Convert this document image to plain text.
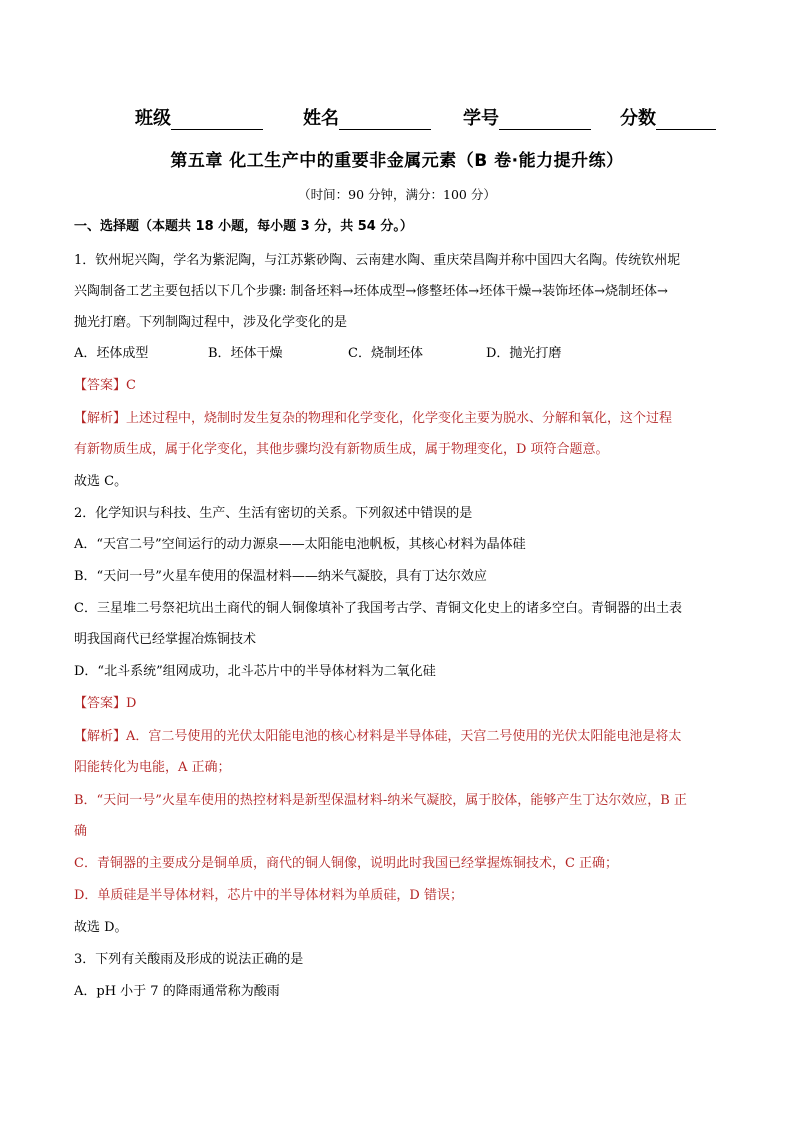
班级	姓名	学号	分数
第五章 化工生产中的重要非金属元素（B 卷·能力提升练）
（时间：90 分钟，满分：100 分）
一、选择题（本题共 18 小题，每小题 3 分，共 54 分。）
1．钦州坭兴陶，学名为紫泥陶，与江苏紫砂陶、云南建水陶、重庆荣昌陶并称中国四大名陶。传统钦州坭
兴陶制备工艺主要包括以下几个步骤: 制备坯料→坯体成型→修整坯体→坯体干燥→装饰坯体→烧制坯体→
抛光打磨。下列制陶过程中，涉及化学变化的是
A．坯体成型	B．坯体干燥	C．烧制坯体	D．抛光打磨
【答案】C
【解析】上述过程中，烧制时发生复杂的物理和化学变化，化学变化主要为脱水、分解和氧化，这个过程
有新物质生成，属于化学变化，其他步骤均没有新物质生成，属于物理变化，D 项符合题意。
故选 C。
2．化学知识与科技、生产、生活有密切的关系。下列叙述中错误的是
A．“天宫二号”空间运行的动力源泉——太阳能电池帆板，其核心材料为晶体硅
B．“天问一号”火星车使用的保温材料——纳米气凝胶，具有丁达尔效应
C．三星堆二号祭祀坑出土商代的铜人铜像填补了我国考古学、青铜文化史上的诸多空白。青铜器的出土表
明我国商代已经掌握冶炼铜技术
D．“北斗系统”组网成功，北斗芯片中的半导体材料为二氧化硅
【答案】D
【解析】A．宫二号使用的光伏太阳能电池的核心材料是半导体硅，天宫二号使用的光伏太阳能电池是将太
阳能转化为电能，A 正确；
B．“天问一号”火星车使用的热控材料是新型保温材料-纳米气凝胶，属于胶体，能够产生丁达尔效应，B 正
确
C．青铜器的主要成分是铜单质，商代的铜人铜像，说明此时我国已经掌握炼铜技术，C 正确；
D．单质硅是半导体材料，芯片中的半导体材料为单质硅，D 错误；
故选 D。
3．下列有关酸雨及形成的说法正确的是
A．pH 小于 7 的降雨通常称为酸雨
